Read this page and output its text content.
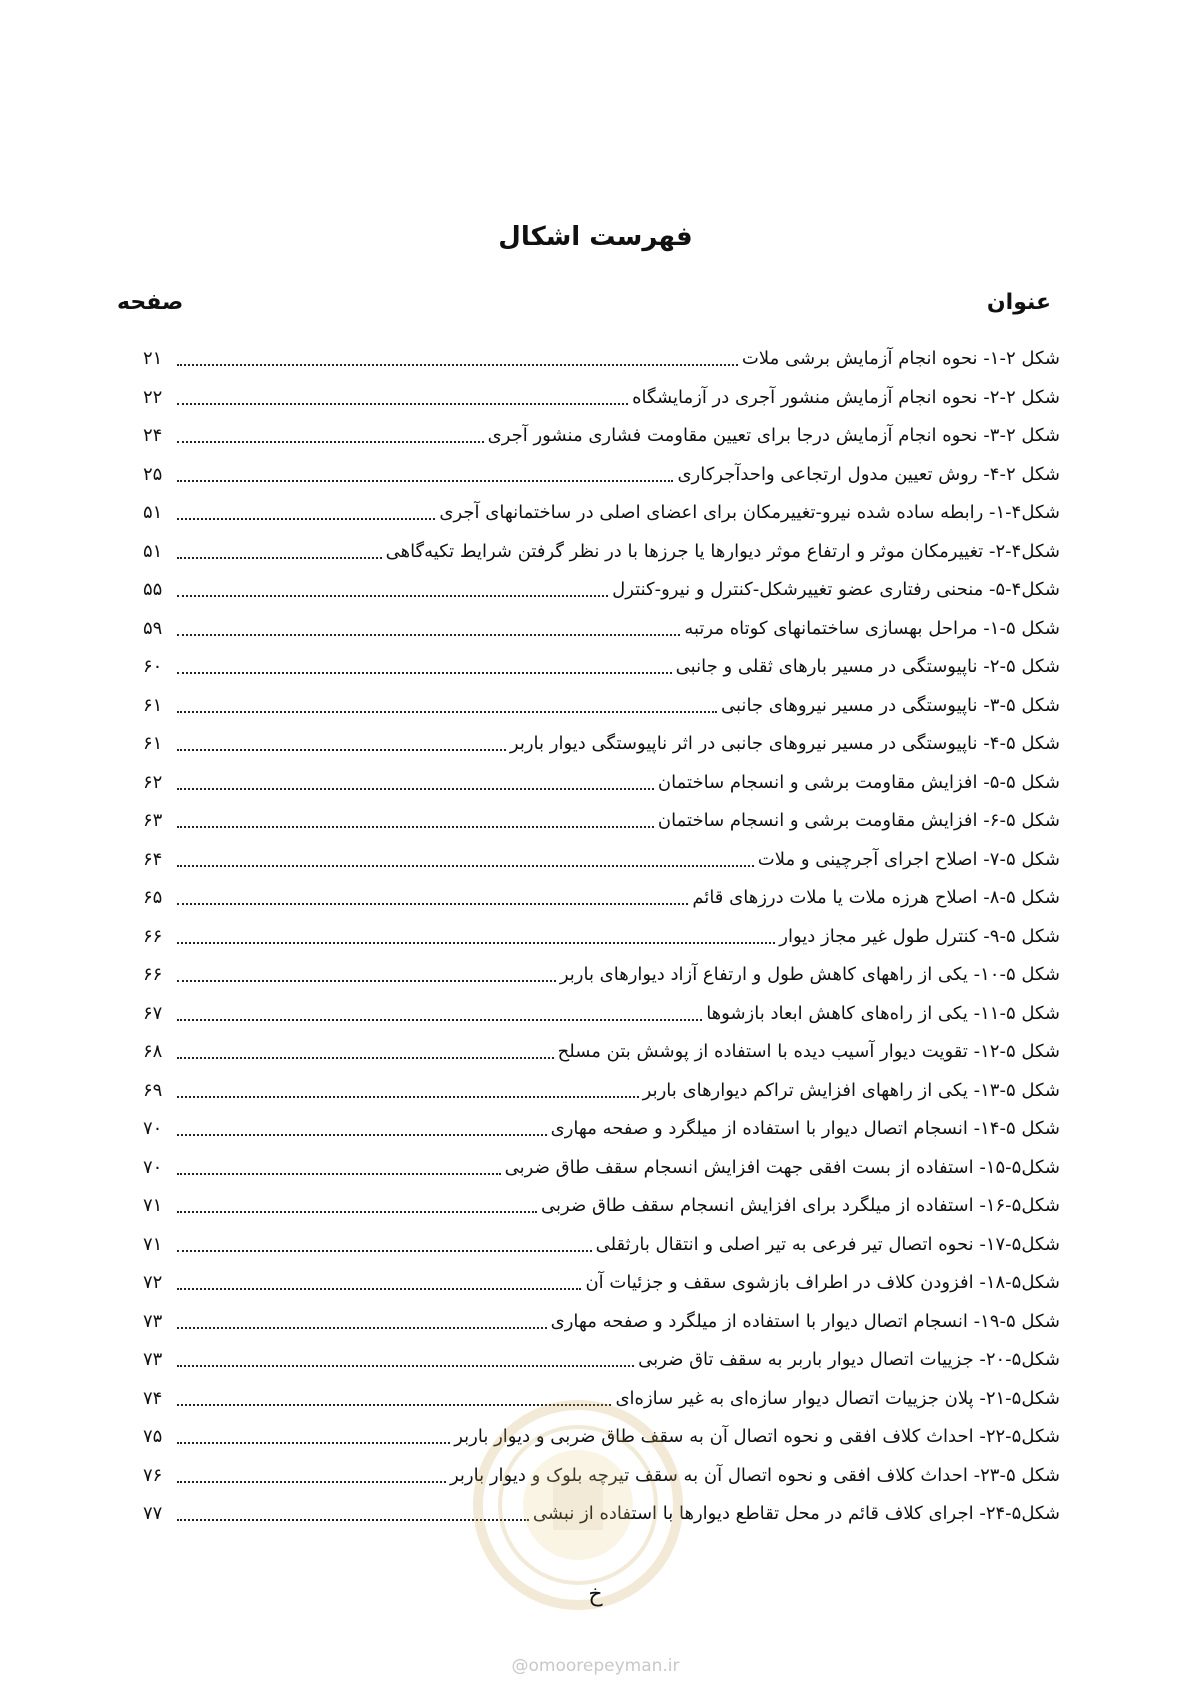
فهرست اشکال
عنوان
صفحه
شکل ۲-۱- نحوه انجام آزمایش برشی ملات
۲۱
شکل ۲-۲- نحوه انجام آزمایش منشور آجری در آزمایشگاه
۲۲
شکل ۲-۳- نحوه انجام آزمایش درجا برای تعیین مقاومت فشاری منشور آجری
۲۴
شکل ۲-۴- روش تعیین مدول ارتجاعی واحدآجرکاری
۲۵
شکل۴-۱- رابطه ساده شده نیرو-تغییرمکان برای اعضای اصلی در ساختمانهای آجری
۵۱
شکل۴-۲- تغییرمکان موثر و ارتفاع موثر دیوارها یا جرزها با در نظر گرفتن شرایط تکیه‌گاهی
۵۱
شکل۴-۵- منحنی رفتاری عضو تغییرشکل-کنترل و نیرو-کنترل
۵۵
شکل ۵-۱- مراحل بهسازی ساختمانهای کوتاه مرتبه
۵۹
شکل ۵-۲- ناپیوستگی در مسیر بارهای ثقلی و جانبی
۶۰
شکل ۵-۳- ناپیوستگی در مسیر نیروهای جانبی
۶۱
شکل ۵-۴- ناپیوستگی در مسیر نیروهای جانبی در اثر ناپیوستگی دیوار باربر
۶۱
شکل ۵-۵- افزایش مقاومت برشی و انسجام ساختمان
۶۲
شکل ۵-۶- افزایش مقاومت برشی و انسجام ساختمان
۶۳
شکل ۵-۷- اصلاح اجرای آجرچینی و ملات
۶۴
شکل ۵-۸- اصلاح هرزه ملات یا ملات درزهای قائم
۶۵
شکل ۵-۹- کنترل طول غیر مجاز دیوار
۶۶
شکل ۵-۱۰- یکی از راههای کاهش طول و ارتفاع آزاد دیوارهای باربر
۶۶
شکل ۵-۱۱- یکی از راه‌های کاهش ابعاد بازشوها
۶۷
شکل ۵-۱۲- تقویت دیوار آسیب دیده با استفاده از پوشش بتن مسلح
۶۸
شکل ۵-۱۳- یکی از راههای افزایش تراکم دیوارهای باربر
۶۹
شکل ۵-۱۴- انسجام اتصال دیوار با استفاده از میلگرد و صفحه مهاری
۷۰
شکل۵-۱۵- استفاده از بست افقی جهت افزایش انسجام سقف طاق ضربی
۷۰
شکل۵-۱۶- استفاده از میلگرد برای افزایش انسجام سقف طاق ضربی
۷۱
شکل۵-۱۷- نحوه اتصال تیر فرعی به تیر اصلی و انتقال بارثقلی
۷۱
شکل۵-۱۸- افزودن کلاف در اطراف بازشوی سقف و جزئیات آن
۷۲
شکل ۵-۱۹- انسجام اتصال دیوار با استفاده از میلگرد و صفحه مهاری
۷۳
شکل۵-۲۰- جزییات اتصال دیوار باربر به سقف تاق ضربی
۷۳
شکل۵-۲۱- پلان جزییات اتصال دیوار سازه‌ای به غیر سازه‌ای
۷۴
شکل۵-۲۲- احداث کلاف افقی و نحوه اتصال آن به سقف طاق ضربی و دیوار باربر
۷۵
شکل ۵-۲۳- احداث کلاف افقی و نحوه اتصال آن به سقف تیرچه بلوک و دیوار باربر
۷۶
شکل۵-۲۴- اجرای کلاف قائم در محل تقاطع دیوارها با استفاده از نبشی
۷۷
خ
@omoorepeyman.ir
